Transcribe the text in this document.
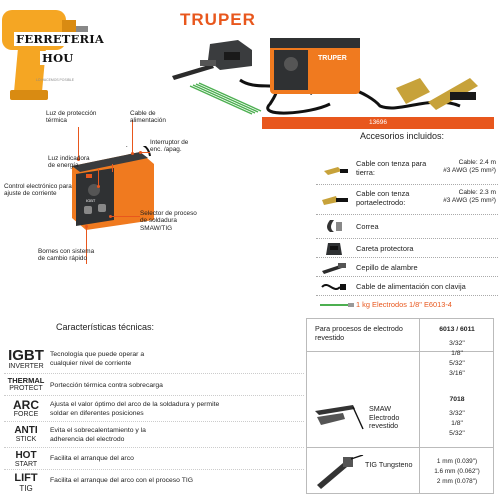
FERRETERIA
HOU
LO HACEMOS POSIBLE
TRUPER
TRUPER
13696
IGBT
Luz de protección térmica
Cable de alimentación
Interruptor de enc. /apag.
Luz indicadora de energía
Control electrónico para ajuste de corriente
Selector de proceso de soldadura SMAW/TIG
Bornes con sistema de cambio rápido
Accesorios incluidos:
Cable con tenza para tierra:
Cable: 2.4 m
#3 AWG (25 mm²)
Cable con tenza portaelectrodo:
Cable: 2.3 m
#3 AWG (25 mm²)
Correa
Careta protectora
Cepillo de alambre
Cable de alimentación con clavija
1 kg Electrodos 1/8" E6013-4
Para procesos de electrodo revestido
6013 / 6011
3/32"
1/8"
5/32"
3/16"
SMAW Electrodo revestido
7018
3/32"
1/8"
5/32"
TIG Tungsteno	1 mm (0.039")
1.6 mm (0.062")
2 mm (0.078")
Características técnicas:
IGBT
INVERTER
Tecnología que puede operar a cualquier nivel de corriente
THERMAL
PROTECT	Portección térmica contra sobrecarga
ARC
FORCE
Ajusta el valor óptimo del arco de la soldadura y permite soldar en diferentes posiciones
ANTI
STICK
Evita el sobrecalentamiento y la adherencia del electrodo
HOT
START
Facilita el arranque del arco
LIFT
TIG
Facilita el arranque del arco con el proceso TIG
